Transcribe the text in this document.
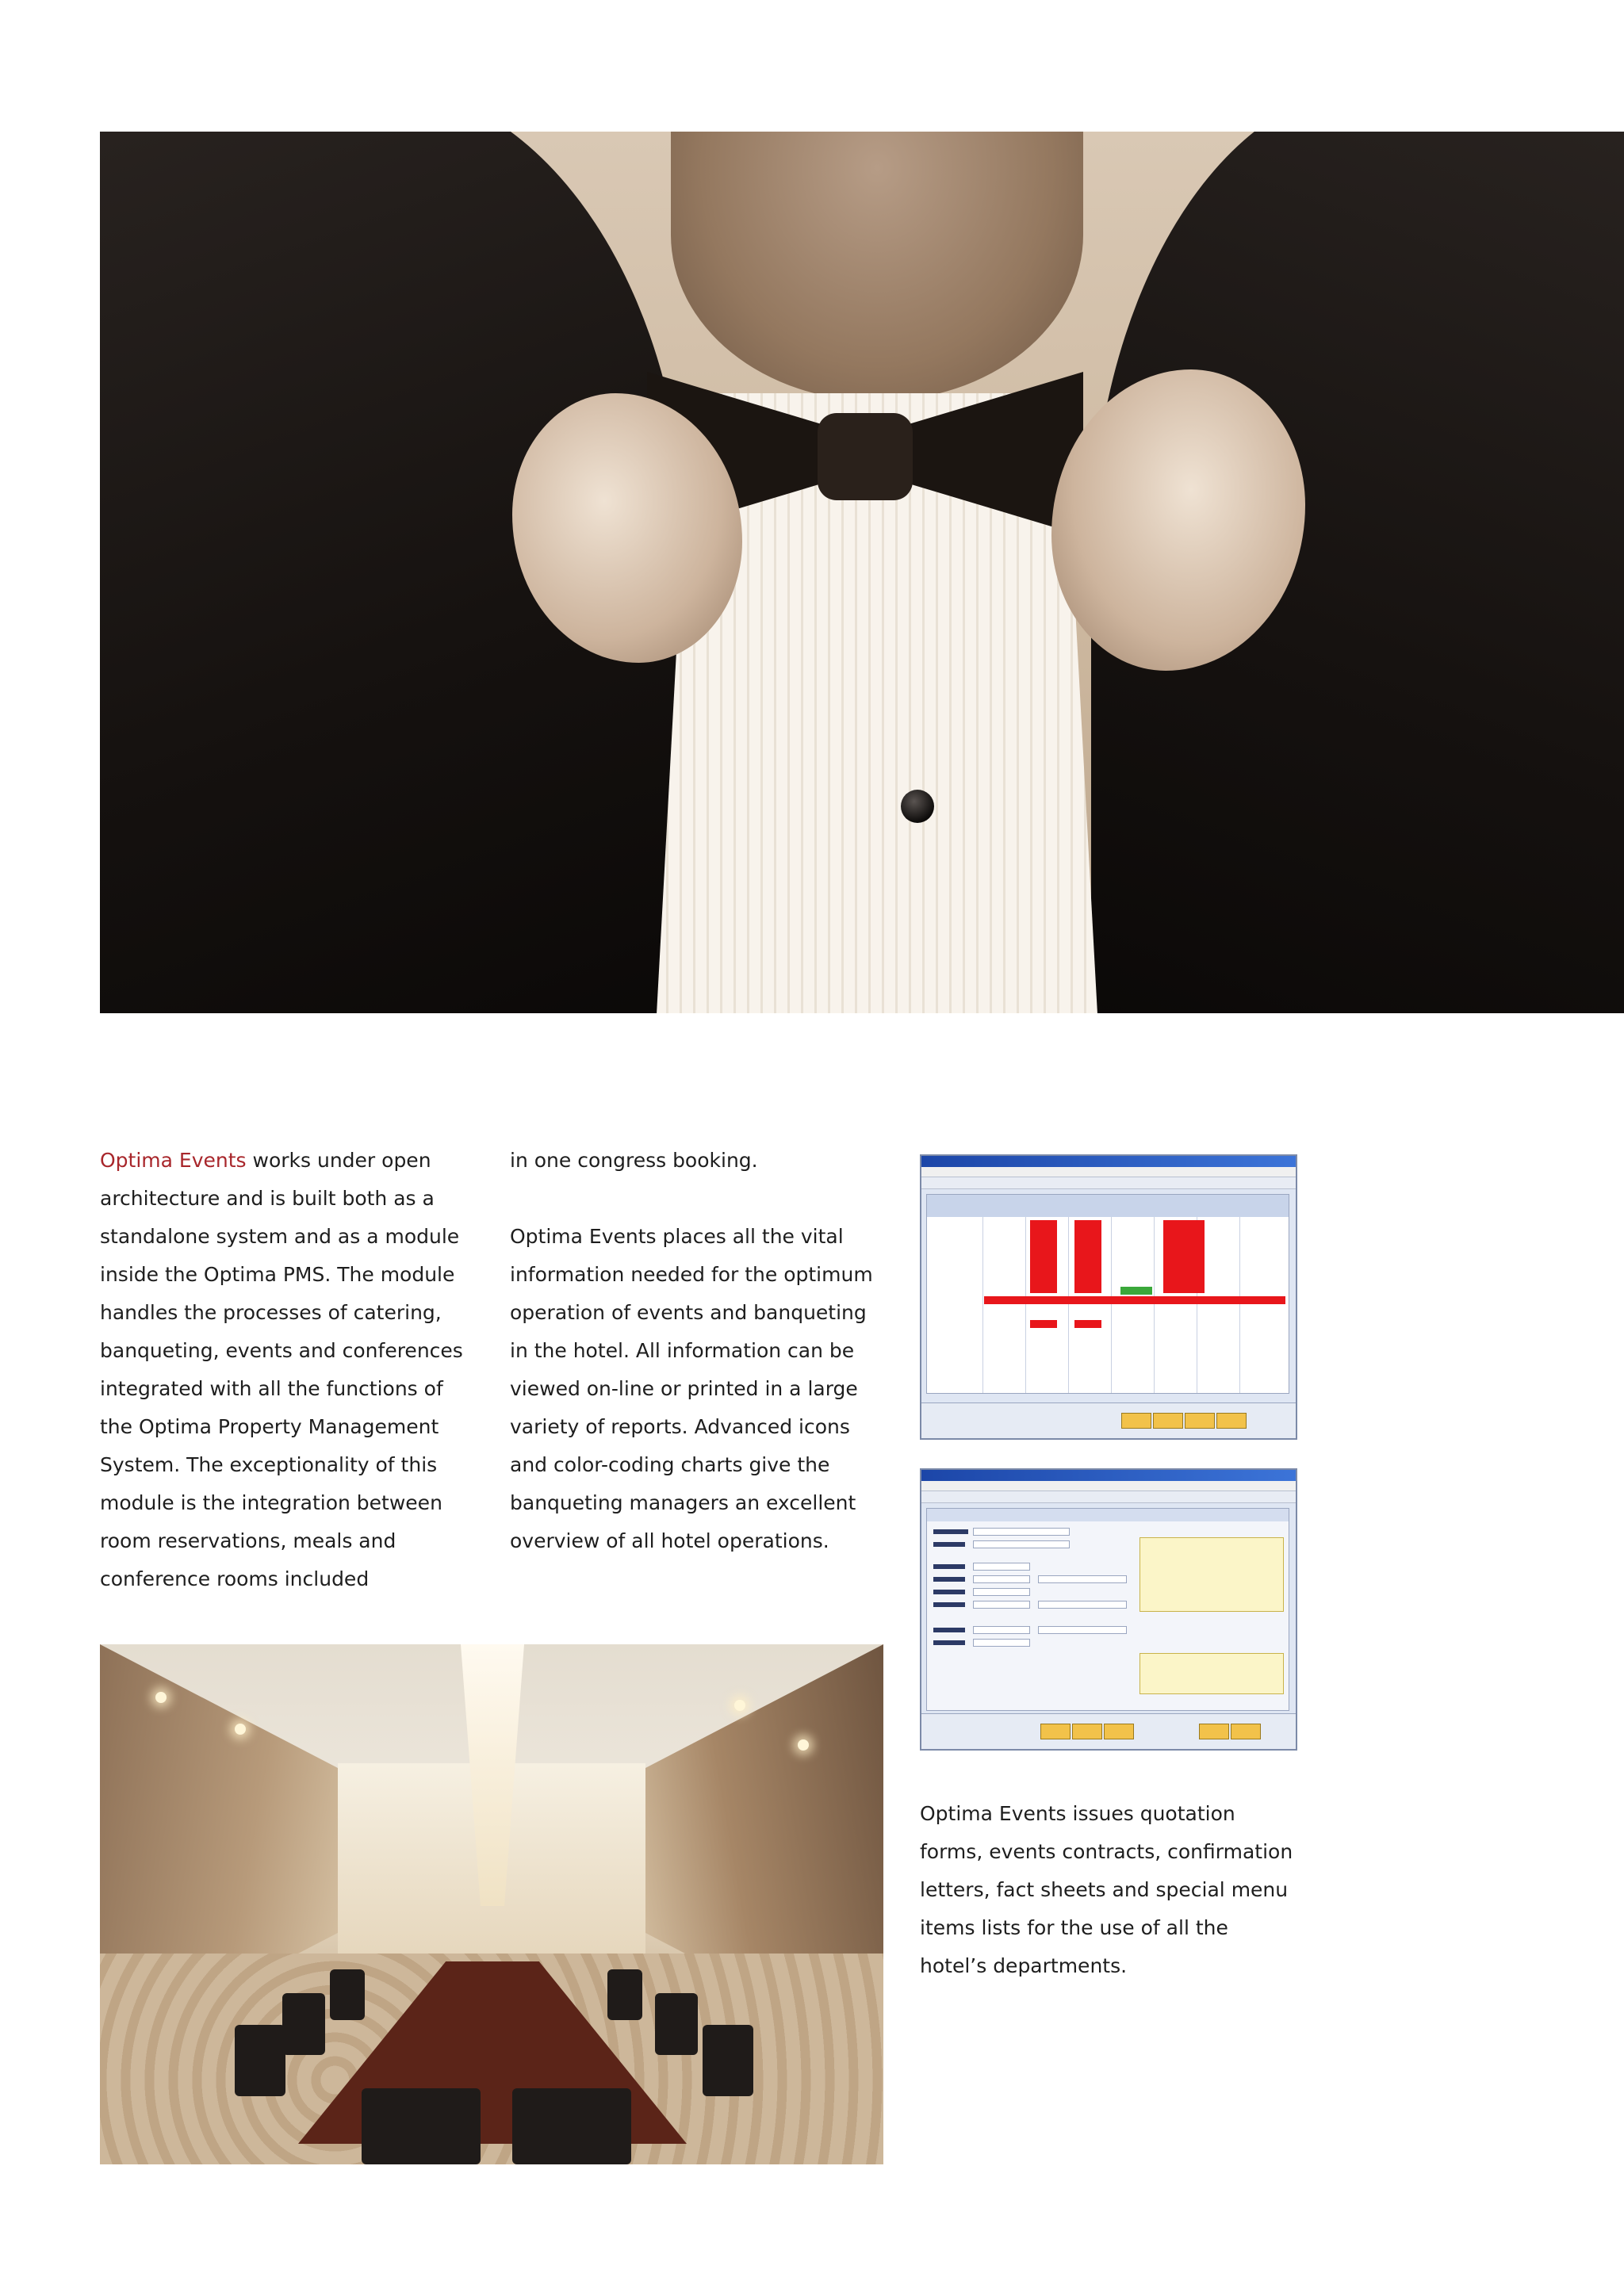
Optima Events works under open architecture and is built both as a standalone system and as a module inside the Optima PMS. The module handles the processes of catering, banqueting, events and conferences integrated with all the functions of the Optima Property Management System. The exceptionality of this module is the integration between room reservations, meals and conference rooms included

in one congress booking.

Optima Events places all the vital information needed for the optimum operation of events and banqueting in the hotel. All information can be viewed on-line or printed in a large variety of reports. Advanced icons and color-coding charts give the banqueting managers an excellent overview of all hotel operations.

Optima Events issues quotation forms, events contracts, confirmation letters, fact sheets and special menu items lists for the use of all the hotel’s departments.
